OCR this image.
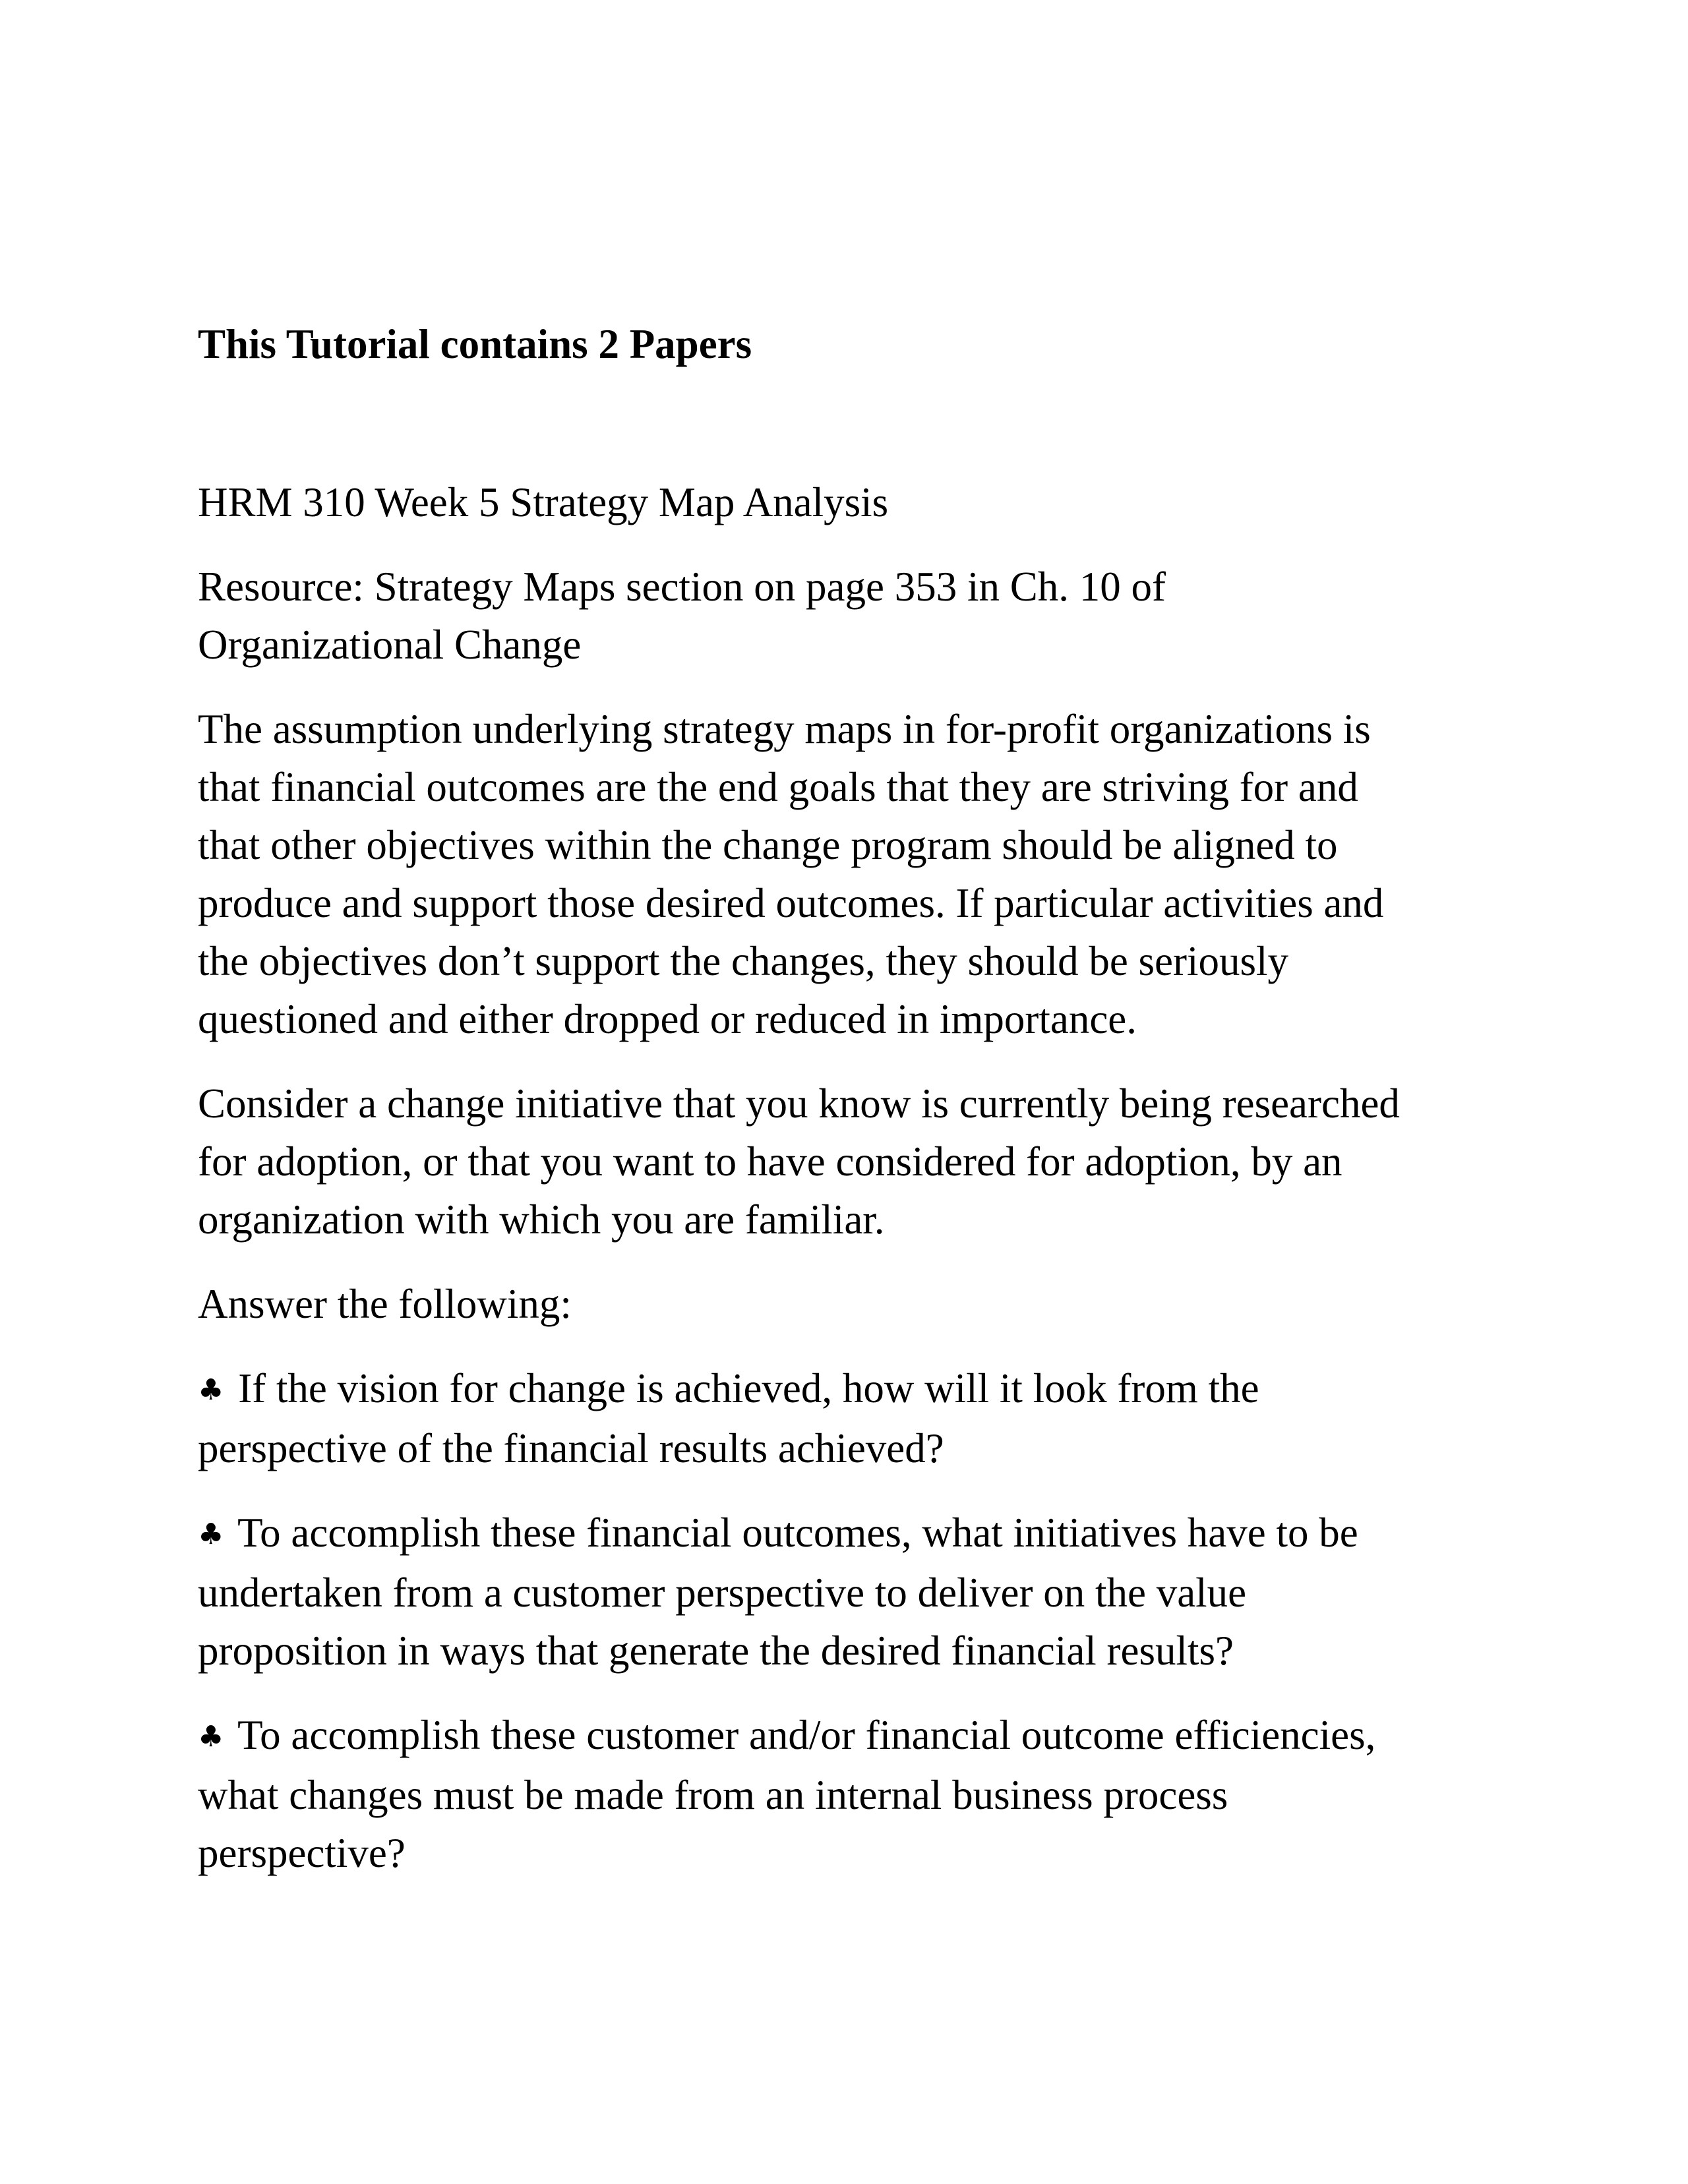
This Tutorial contains 2 Papers
HRM 310 Week 5 Strategy Map Analysis
Resource: Strategy Maps section on page 353 in Ch. 10 of
Organizational Change
The assumption underlying strategy maps in for-profit organizations is
that financial outcomes are the end goals that they are striving for and
that other objectives within the change program should be aligned to
produce and support those desired outcomes. If particular activities and
the objectives don’t support the changes, they should be seriously
questioned and either dropped or reduced in importance.
Consider a change initiative that you know is currently being researched
for adoption, or that you want to have considered for adoption, by an
organization with which you are familiar.
Answer the following:
♣ If the vision for change is achieved, how will it look from the
perspective of the financial results achieved?
♣ To accomplish these financial outcomes, what initiatives have to be
undertaken from a customer perspective to deliver on the value
proposition in ways that generate the desired financial results?
♣ To accomplish these customer and/or financial outcome efficiencies,
what changes must be made from an internal business process
perspective?
